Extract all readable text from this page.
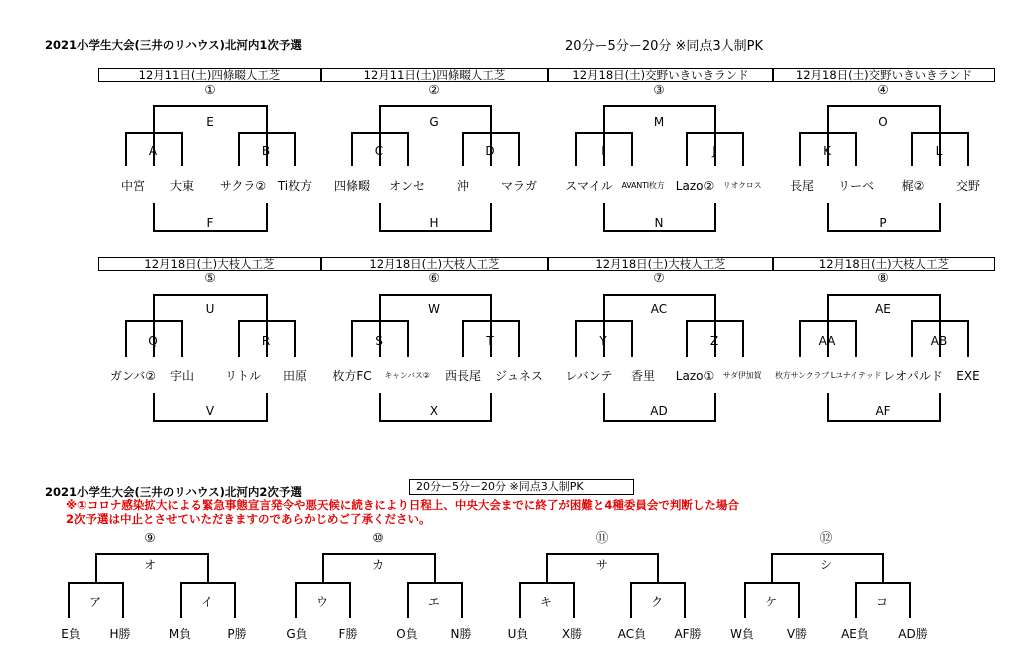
2021小学生大会(三井のリハウス)北河内1次予選	20分ー5分ー20分 ※同点3人制PK
2021小学生大会(三井のリハウス)北河内2次予選	20分ー5分ー20分 ※同点3人制PK
※①コロナ感染拡大による緊急事態宣言発令や悪天候に続きにより日程上、中央大会までに終了が困難と4種委員会で判断した場合
2次予選は中止とさせていただきますのであらかじめご了承ください。
12月11日(土)四條畷人工芝
①
E
A	B
中宮	大東	サクラ② Ti枚方
F
12月11日(土)四條畷人工芝
②
G
C	D
四條畷	オンセ	沖	マラガ
H
12月18日(土)交野いきいきランド
③
M
I	J
スマイル	AVANTI枚方 Lazo②	リオクロス
N
12月18日(土)交野いきいきランド
④
O
K	L
長尾	リーベ	梶②	交野
P
12月18日(土)大枝人工芝
⑤
U
Q	R
ガンバ②	宇山	リトル	田原
V
12月18日(土)大枝人工芝
⑥
W
S	T
枚方FC	キャンバス②	西長尾	ジュネス
X
12月18日(土)大枝人工芝
⑦
AC
Y	Z
レバンテ	香里	Lazo①	サダ伊加賀
AD
12月18日(土)大枝人工芝
⑧
AE
AA	AB
枚方サンクラブ Lユナイテッド レオパルド	EXE
AF
⑨
オ
ア	イ
E負	H勝	M負	P勝
⑩
カ
ウ	エ
G負	F勝	O負	N勝
⑪
サ
キ	ク
U負	X勝	AC負	AF勝
⑫
シ
ケ	コ
W負	V勝	AE負	AD勝
